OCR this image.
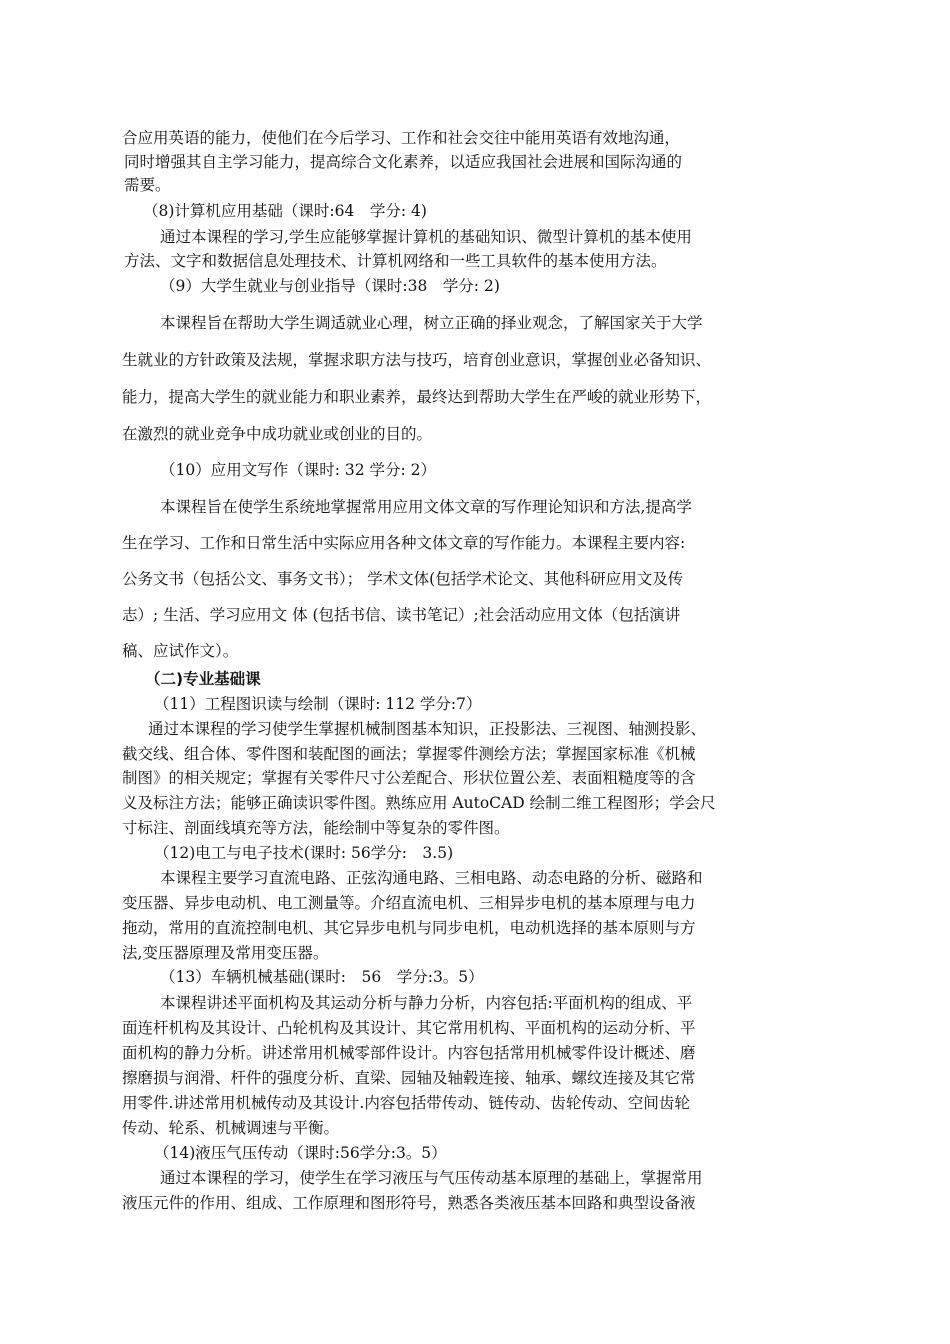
合应用英语的能力，使他们在今后学习、工作和社会交往中能用英语有效地沟通，
同时增强其自主学习能力，提高综合文化素养，以适应我国社会进展和国际沟通的
需要。
（8)计算机应用基础（课时:64　学分: 4)
通过本课程的学习,学生应能够掌握计算机的基础知识、微型计算机的基本使用
方法、文字和数据信息处理技术、计算机网络和一些工具软件的基本使用方法。
（9）大学生就业与创业指导（课时:38　学分: 2)
本课程旨在帮助大学生调适就业心理，树立正确的择业观念，了解国家关于大学
生就业的方针政策及法规，掌握求职方法与技巧，培育创业意识，掌握创业必备知识、
能力，提高大学生的就业能力和职业素养，最终达到帮助大学生在严峻的就业形势下，
在激烈的就业竞争中成功就业或创业的目的。
（10）应用文写作（课时: 32 学分: 2）
本课程旨在使学生系统地掌握常用应用文体文章的写作理论知识和方法,提高学
生在学习、工作和日常生活中实际应用各种文体文章的写作能力。本课程主要内容:
公务文书（包括公文、事务文书）； 学术文体(包括学术论文、其他科研应用文及传
志）; 生活、学习应用文 体 (包括书信、读书笔记）;社会活动应用文体（包括演讲
稿、应试作文）。
（二)专业基础课
（11）工程图识读与绘制（课时: 112 学分:7）
通过本课程的学习使学生掌握机械制图基本知识，正投影法、三视图、轴测投影、
截交线、组合体、零件图和装配图的画法；掌握零件测绘方法；掌握国家标准《机械
制图》的相关规定；掌握有关零件尺寸公差配合、形状位置公差、表面粗糙度等的含
义及标注方法；能够正确读识零件图。熟练应用 AutoCAD 绘制二维工程图形；学会尺
寸标注、剖面线填充等方法，能绘制中等复杂的零件图。
（12)电工与电子技术(课时: 56学分:　3.5)
本课程主要学习直流电路、正弦沟通电路、三相电路、动态电路的分析、磁路和
变压器、异步电动机、电工测量等。介绍直流电机、三相异步电机的基本原理与电力
拖动，常用的直流控制电机、其它异步电机与同步电机，电动机选择的基本原则与方
法,变压器原理及常用变压器。
（13）车辆机械基础(课时:　56　学分:3。5）
本课程讲述平面机构及其运动分析与静力分析，内容包括:平面机构的组成、平
面连杆机构及其设计、凸轮机构及其设计、其它常用机构、平面机构的运动分析、平
面机构的静力分析。讲述常用机械零部件设计。内容包括常用机械零件设计概述、磨
擦磨损与润滑、杆件的强度分析、直梁、园轴及轴毂连接、轴承、螺纹连接及其它常
用零件.讲述常用机械传动及其设计.内容包括带传动、链传动、齿轮传动、空间齿轮
传动、轮系、机械调速与平衡。
（14)液压气压传动（课时:56学分:3。5）
通过本课程的学习，使学生在学习液压与气压传动基本原理的基础上，掌握常用
液压元件的作用、组成、工作原理和图形符号，熟悉各类液压基本回路和典型设备液
